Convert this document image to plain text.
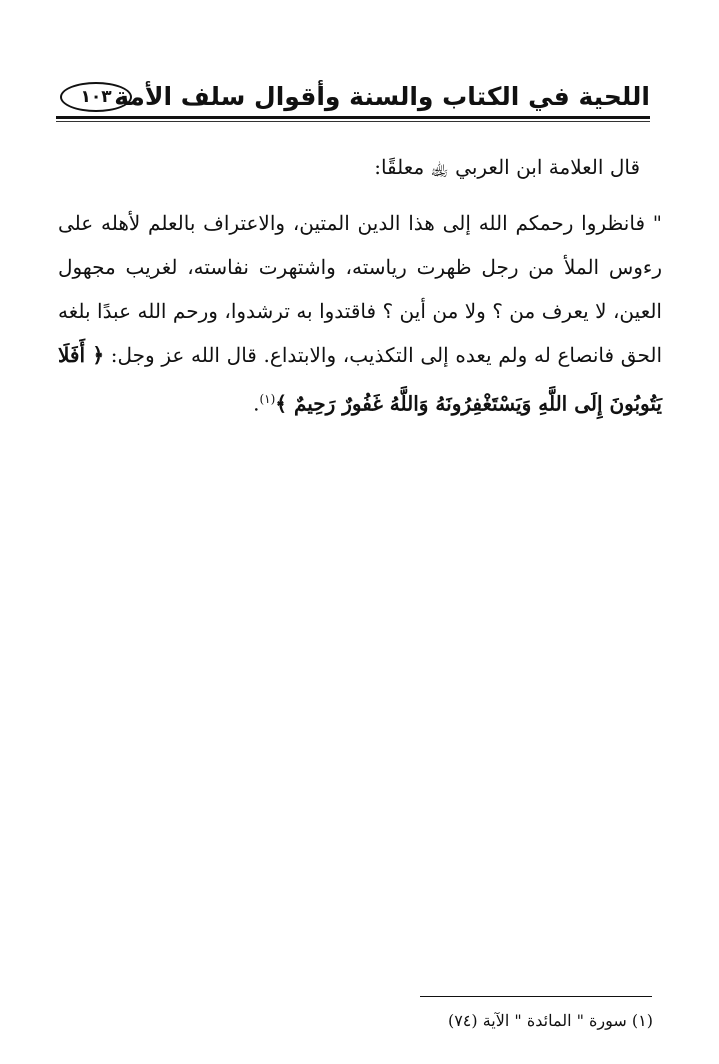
اللحية في الكتاب والسنة وأقوال سلف الأمة
١٠٣

قال العلامة ابن العربي ﵀ معلقًا:

" فانظروا رحمكم الله إلى هذا الدين المتين، والاعتراف بالعلم لأهله على رءوس الملأ من رجل ظهرت رياسته، واشتهرت نفاسته، لغريب مجهول العين، لا يعرف من ؟ ولا من أين ؟ فاقتدوا به ترشدوا، ورحم الله عبدًا بلغه الحق فانصاع له ولم يعده إلى التكذيب، والابتداع. قال الله عز وجل: ﴿ أَفَلَا يَتُوبُونَ إِلَى اللَّهِ وَيَسْتَغْفِرُونَهُ وَاللَّهُ غَفُورٌ رَحِيمٌ ﴾$^{(١)}$.

(١) سورة " المائدة " الآية (٧٤)
